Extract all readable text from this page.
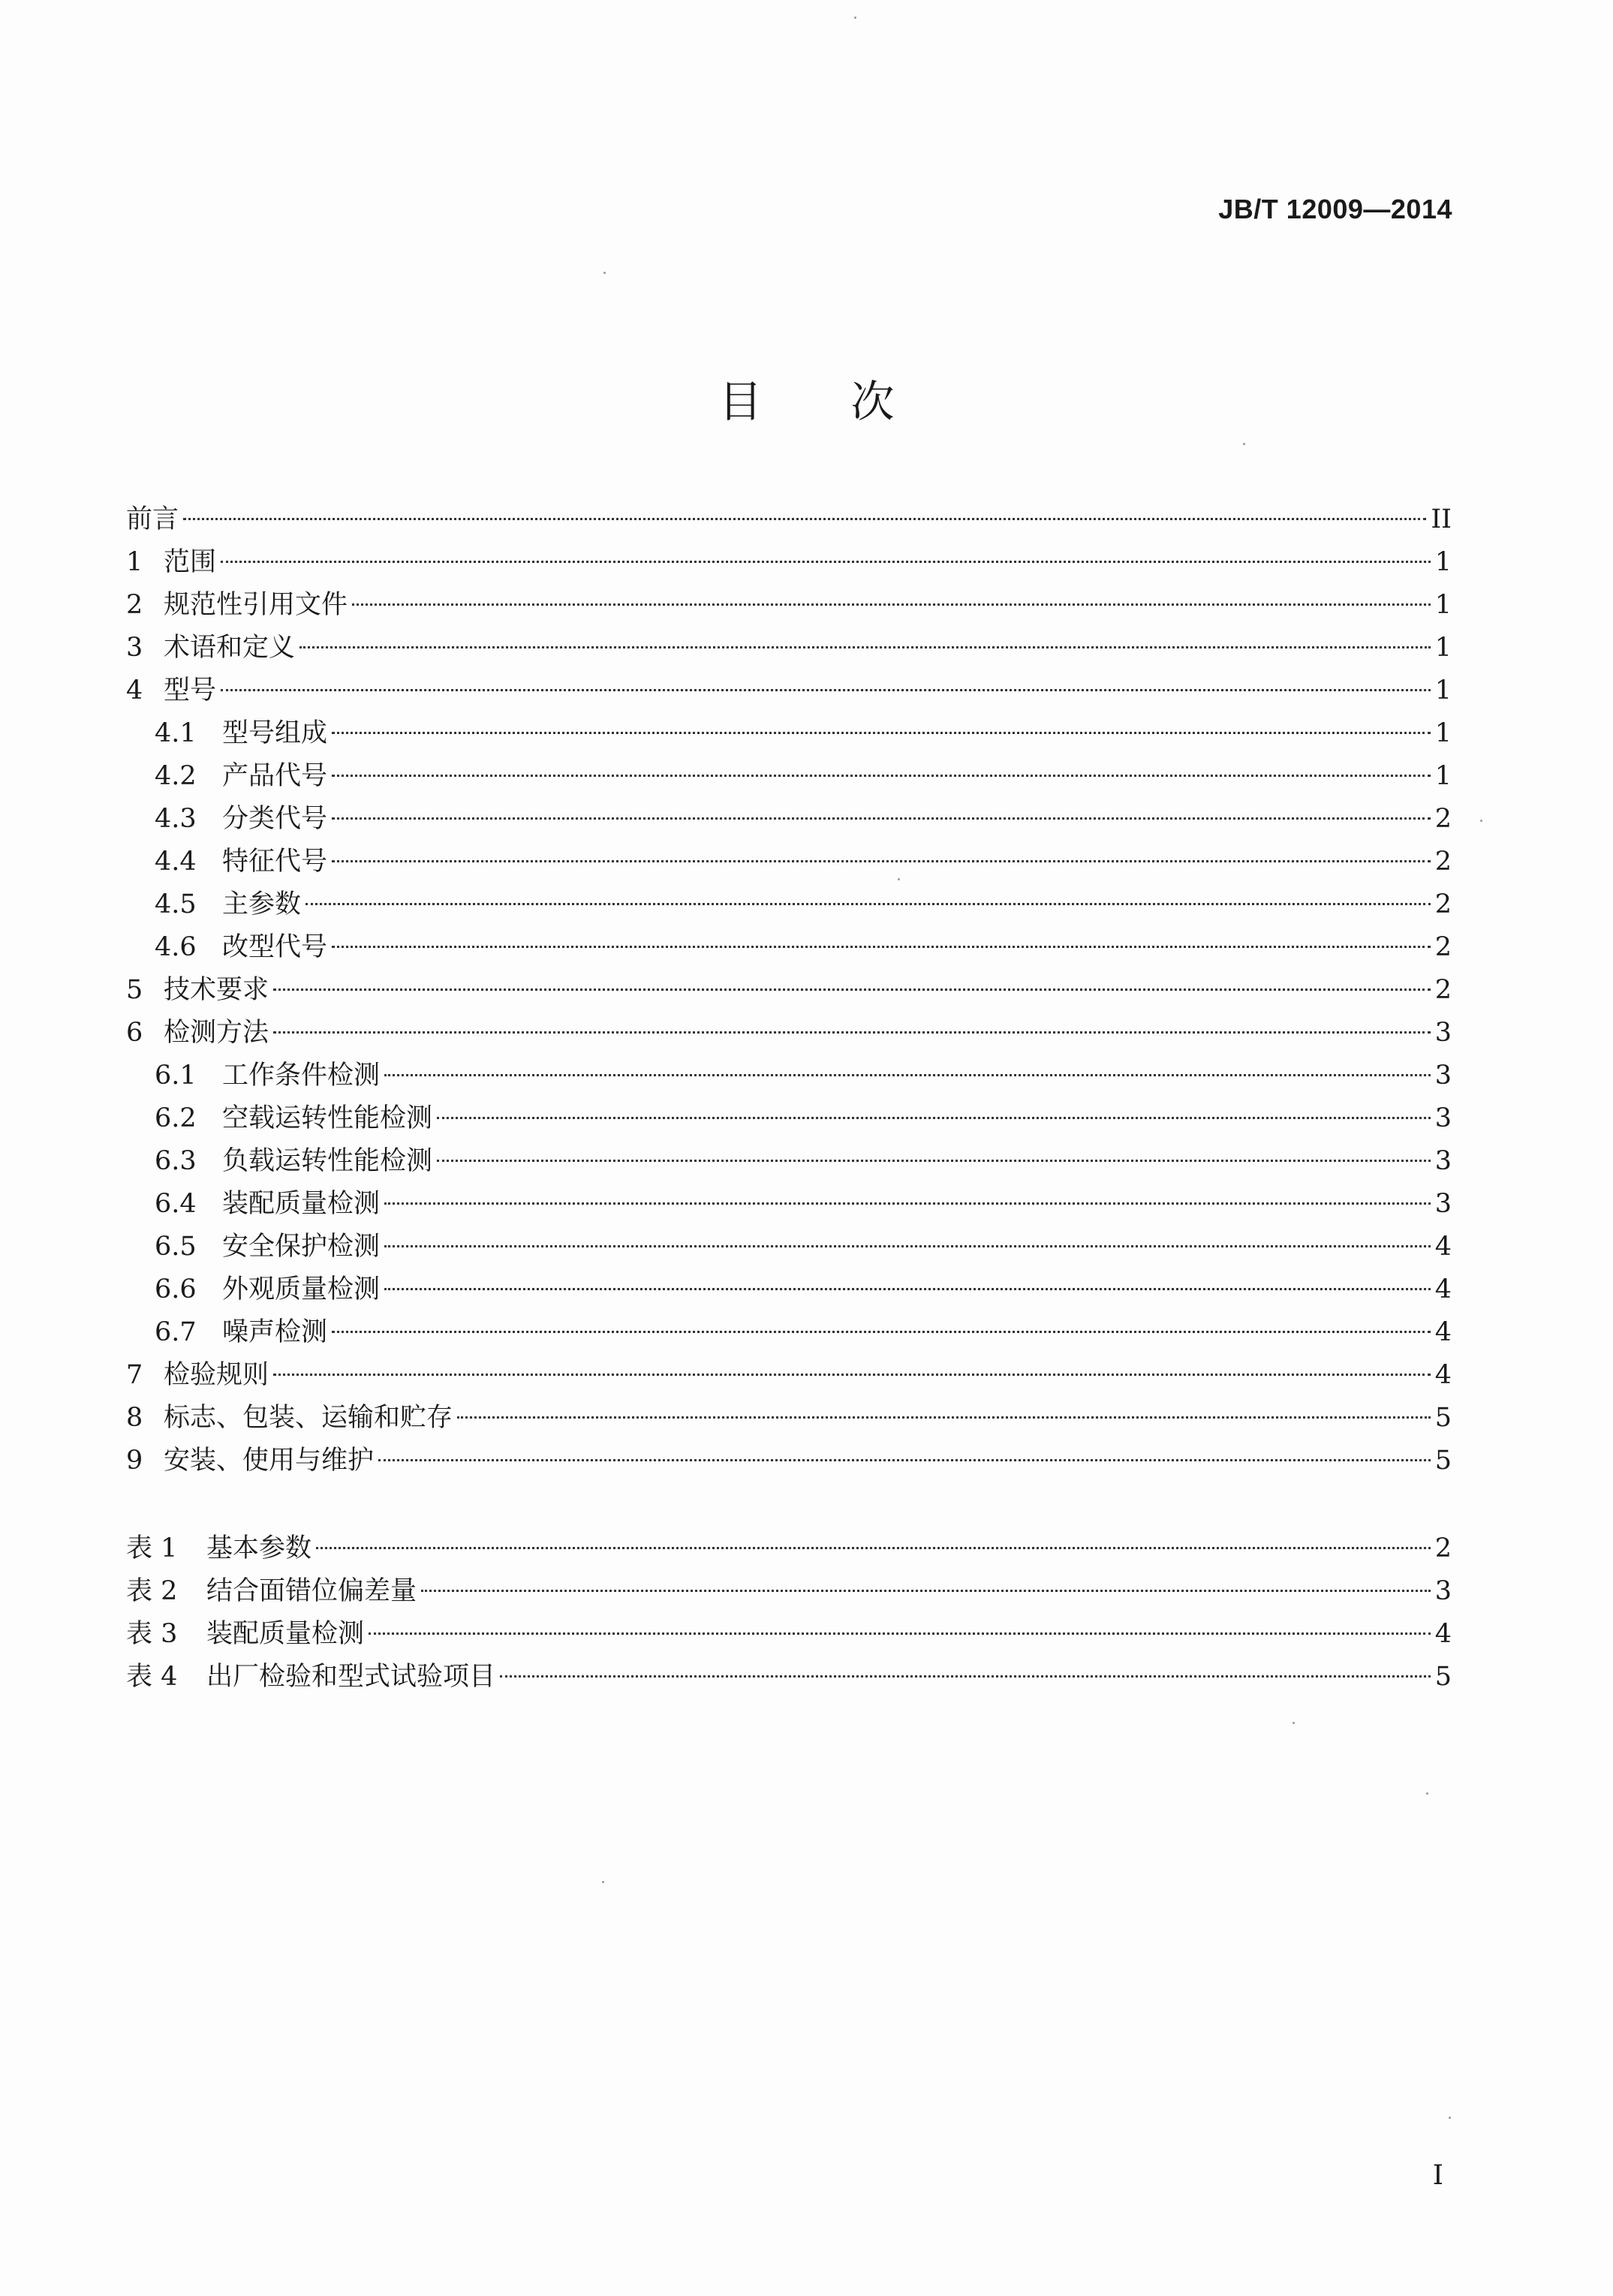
JB/T 12009—2014
目次
前言	II
1 范围	1
2 规范性引用文件	1
3 术语和定义	1
4 型号	1
4.1 型号组成	1
4.2 产品代号	1
4.3 分类代号	2
4.4 特征代号	2
4.5 主参数	2
4.6 改型代号	2
5 技术要求	2
6 检测方法	3
6.1 工作条件检测	3
6.2 空载运转性能检测	3
6.3 负载运转性能检测	3
6.4 装配质量检测	3
6.5 安全保护检测	4
6.6 外观质量检测	4
6.7 噪声检测	4
7 检验规则	4
8 标志、包装、运输和贮存	5
9 安装、使用与维护	5
表 1	基本参数	2
表 2	结合面错位偏差量	3
表 3	装配质量检测	4
表 4	出厂检验和型式试验项目	5
I
